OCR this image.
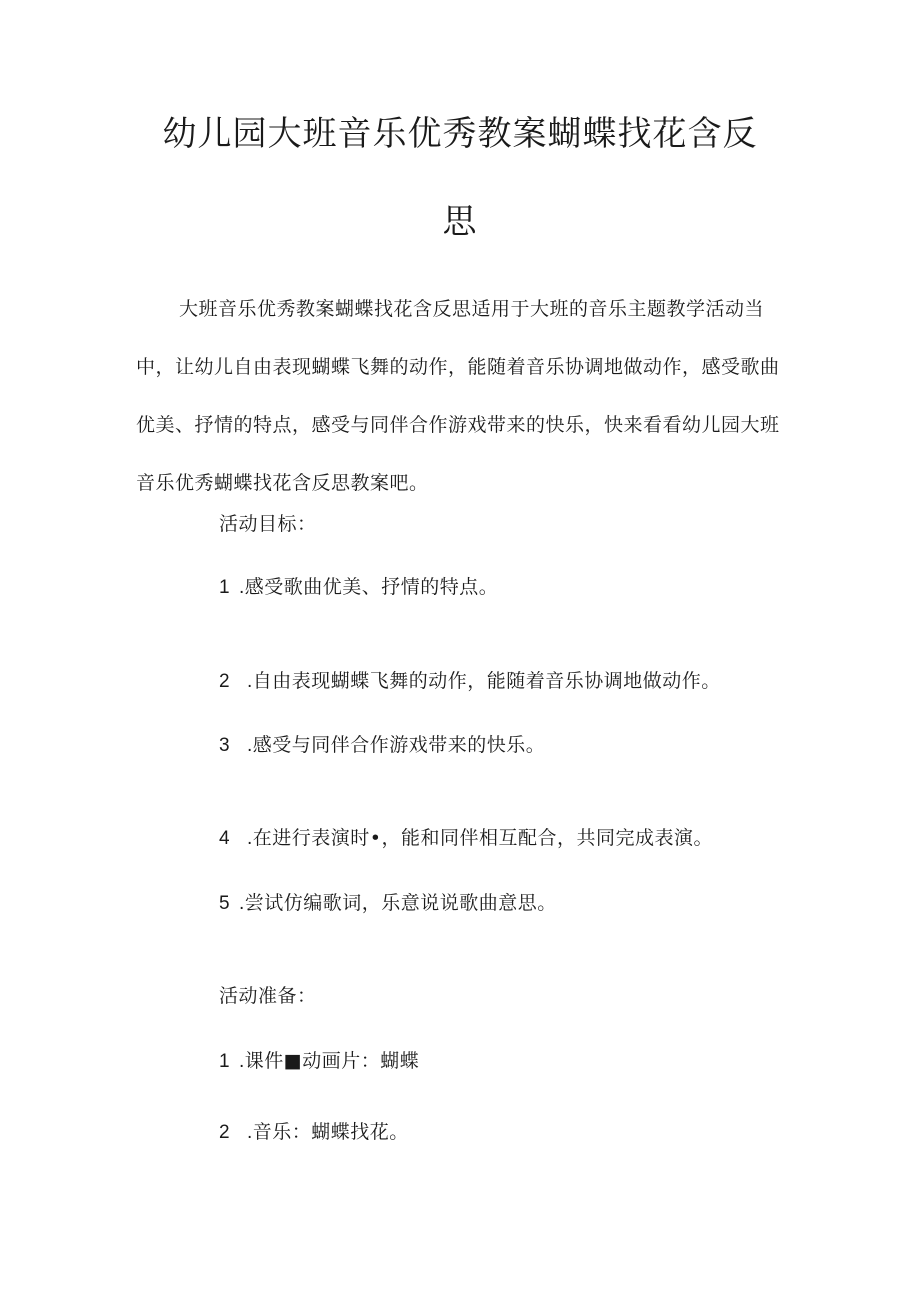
幼儿园大班音乐优秀教案蝴蝶找花含反
思

大班音乐优秀教案蝴蝶找花含反思适用于大班的音乐主题教学活动当中，让幼儿自由表现蝴蝶飞舞的动作，能随着音乐协调地做动作，感受歌曲优美、抒情的特点，感受与同伴合作游戏带来的快乐，快来看看幼儿园大班音乐优秀蝴蝶找花含反思教案吧。

活动目标：
1 .感受歌曲优美、抒情的特点。
2 .自由表现蝴蝶飞舞的动作，能随着音乐协调地做动作。
3 .感受与同伴合作游戏带来的快乐。
4 .在进行表演时•，能和同伴相互配合，共同完成表演。
5 .尝试仿编歌词，乐意说说歌曲意思。
活动准备：
1 .课件■动画片：蝴蝶
2 .音乐：蝴蝶找花。
